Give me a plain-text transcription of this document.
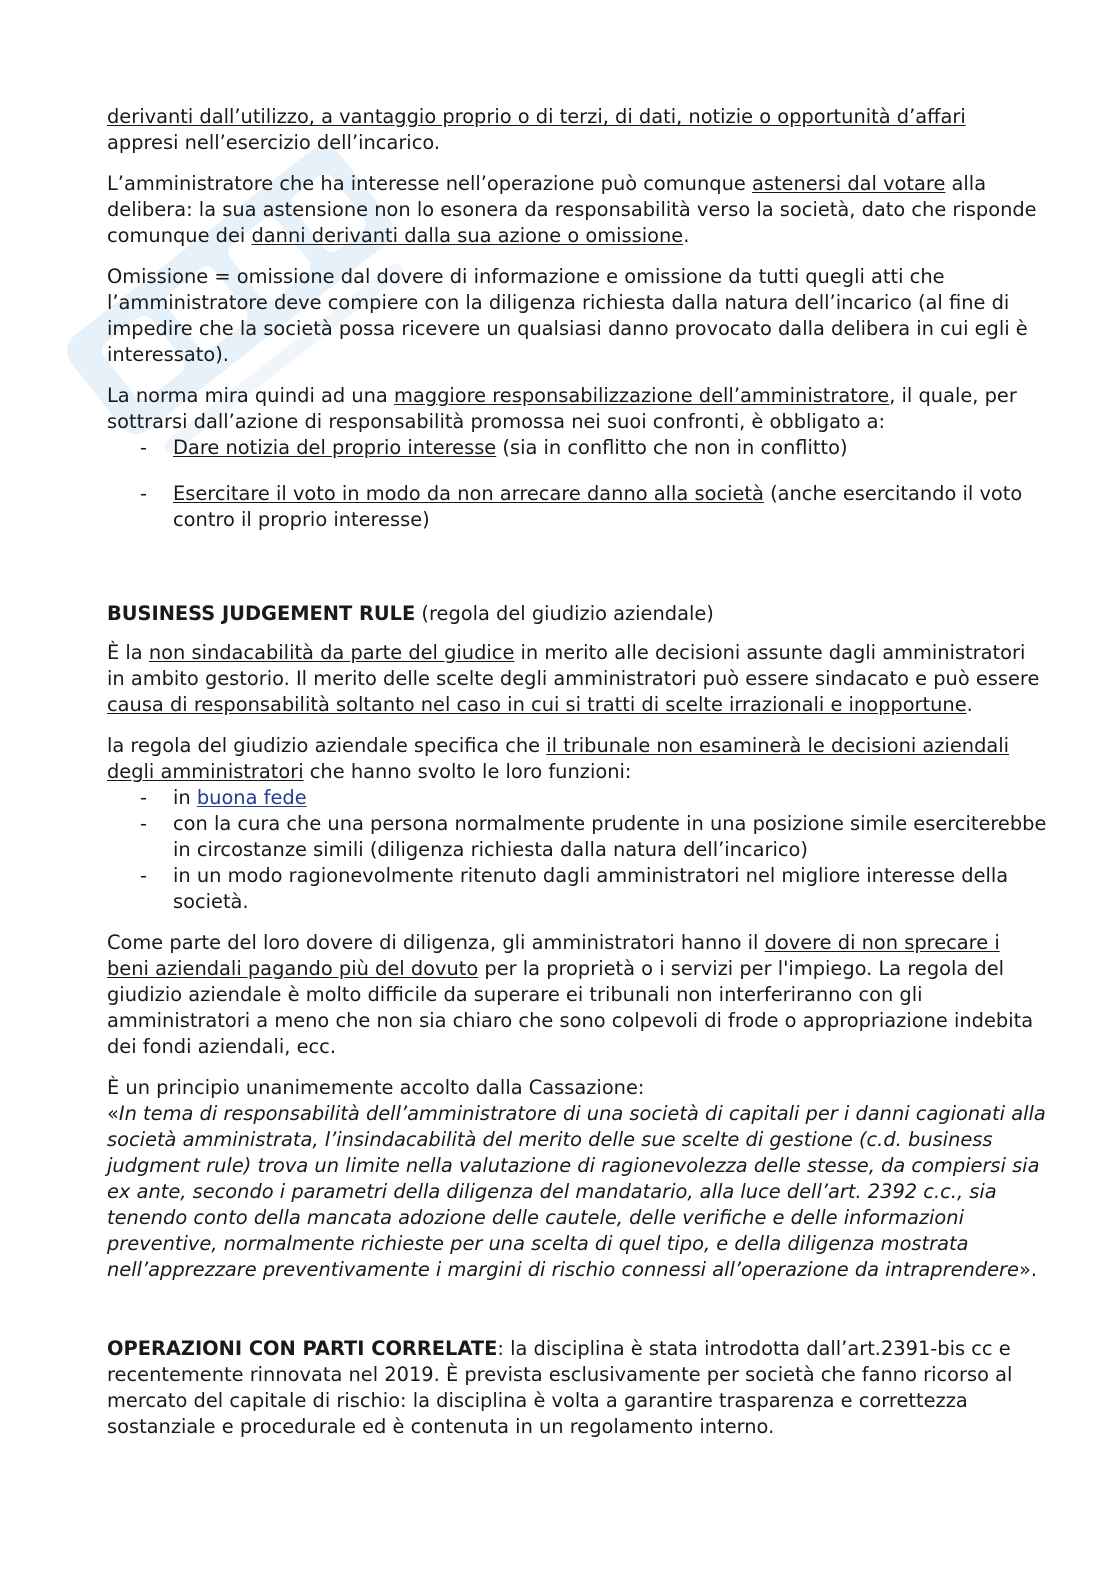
derivanti dall’utilizzo, a vantaggio proprio o di terzi, di dati, notizie o opportunità d’affari
appresi nell’esercizio dell’incarico.

L’amministratore che ha interesse nell’operazione può comunque astenersi dal votare alla delibera: la sua astensione non lo esonera da responsabilità verso la società, dato che risponde comunque dei danni derivanti dalla sua azione o omissione.

Omissione = omissione dal dovere di informazione e omissione da tutti quegli atti che l’amministratore deve compiere con la diligenza richiesta dalla natura dell’incarico (al fine di impedire che la società possa ricevere un qualsiasi danno provocato dalla delibera in cui egli è interessato).

La norma mira quindi ad una maggiore responsabilizzazione dell’amministratore, il quale, per sottrarsi dall’azione di responsabilità promossa nei suoi confronti, è obbligato a:

- Dare notizia del proprio interesse (sia in conflitto che non in conflitto)
- Esercitare il voto in modo da non arrecare danno alla società (anche esercitando il voto contro il proprio interesse)

BUSINESS JUDGEMENT RULE (regola del giudizio aziendale)

È la non sindacabilità da parte del giudice in merito alle decisioni assunte dagli amministratori in ambito gestorio. Il merito delle scelte degli amministratori può essere sindacato e può essere causa di responsabilità soltanto nel caso in cui si tratti di scelte irrazionali e inopportune.

la regola del giudizio aziendale specifica che il tribunale non esaminerà le decisioni aziendali degli amministratori che hanno svolto le loro funzioni:

- in buona fede
- con la cura che una persona normalmente prudente in una posizione simile eserciterebbe in circostanze simili (diligenza richiesta dalla natura dell’incarico)
- in un modo ragionevolmente ritenuto dagli amministratori nel migliore interesse della società.

Come parte del loro dovere di diligenza, gli amministratori hanno il dovere di non sprecare i beni aziendali pagando più del dovuto per la proprietà o i servizi per l'impiego. La regola del giudizio aziendale è molto difficile da superare ei tribunali non interferiranno con gli amministratori a meno che non sia chiaro che sono colpevoli di frode o appropriazione indebita dei fondi aziendali, ecc.

È un principio unanimemente accolto dalla Cassazione:
«In tema di responsabilità dell’amministratore di una società di capitali per i danni cagionati alla società amministrata, l’insindacabilità del merito delle sue scelte di gestione (c.d. business judgment rule) trova un limite nella valutazione di ragionevolezza delle stesse, da compiersi sia ex ante, secondo i parametri della diligenza del mandatario, alla luce dell’art. 2392 c.c., sia tenendo conto della mancata adozione delle cautele, delle verifiche e delle informazioni preventive, normalmente richieste per una scelta di quel tipo, e della diligenza mostrata nell’apprezzare preventivamente i margini di rischio connessi all’operazione da intraprendere».

OPERAZIONI CON PARTI CORRELATE: la disciplina è stata introdotta dall’art.2391-bis cc e recentemente rinnovata nel 2019. È prevista esclusivamente per società che fanno ricorso al mercato del capitale di rischio: la disciplina è volta a garantire trasparenza e correttezza sostanziale e procedurale ed è contenuta in un regolamento interno.
